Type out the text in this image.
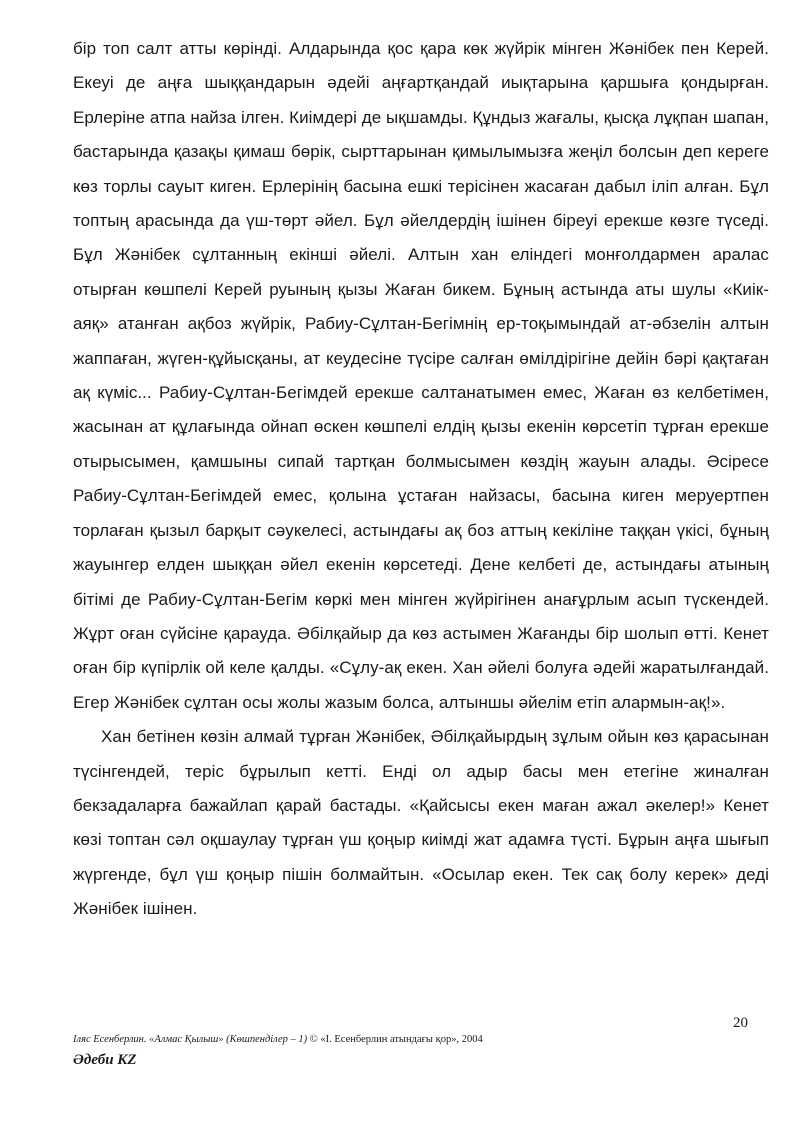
бір топ салт атты көрінді. Алдарында қос қара көк жүйрік мінген Жәнібек пен Керей. Екеуі де аңға шыққандарын әдейі аңғартқандай иықтарына қаршыға қондырған. Ерлеріне атпа найза ілген. Киімдері де ықшамды. Құндыз жағалы, қысқа лұқпан шапан, бастарында қазақы қимаш бөрік, сырттарынан қимылымызға жеңіл болсын деп кереге көз торлы сауыт киген. Ерлерінің басына ешкі терісінен жасаған дабыл іліп алған. Бұл топтың арасында да үш-төрт әйел. Бұл әйелдердің ішінен біреуі ерекше көзге түседі. Бұл Жәнібек сұлтанның екінші әйелі. Алтын хан еліндегі монғолдармен аралас отырған көшпелі Керей руының қызы Жаған бикем. Бұның астында аты шулы «Киік-аяқ» атанған ақбоз жүйрік, Рабиу-Сұлтан-Бегімнің ер-тоқымындай ат-әбзелін алтын жаппаған, жүген-құйысқаны, ат кеудесіне түсіре салған өмілдірігіне дейін бәрі қақтаған ақ күміс... Рабиу-Сұлтан-Бегімдей ерекше салтанатымен емес, Жаған өз келбетімен, жасынан ат құлағында ойнап өскен көшпелі елдің қызы екенін көрсетіп тұрған ерекше отырысымен, қамшыны сипай тартқан болмысымен көздің жауын алады. Әсіресе Рабиу-Сұлтан-Бегімдей емес, қолына ұстаған найзасы, басына киген меруертпен торлаған қызыл барқыт сәукелесі, астындағы ақ боз аттың кекіліне таққан үкісі, бұның жауынгер елден шыққан әйел екенін көрсетеді. Дене келбеті де, астындағы атының бітімі де Рабиу-Сұлтан-Бегім көркі мен мінген жүйрігінен анағұрлым асып түскендей. Жұрт оған сүйсіне қарауда. Әбілқайыр да көз астымен Жағанды бір шолып өтті. Кенет оған бір күпірлік ой келе қалды. «Сұлу-ақ екен. Хан әйелі болуға әдейі жаратылғандай. Егер Жәнібек сұлтан осы жолы жазым болса, алтыншы әйелім етіп алармын-ақ!».

Хан бетінен көзін алмай тұрған Жәнібек, Әбілқайырдың зұлым ойын көз қарасынан түсінгендей, теріс бұрылып кетті. Енді ол адыр басы мен етегіне жиналған бекзадаларға бажайлап қарай бастады. «Қайсысы екен маған ажал әкелер!» Кенет көзі топтан сәл оқшаулау тұрған үш қоңыр киімді жат адамға түсті. Бұрын аңға шығып жүргенде, бұл үш қоңыр пішін болмайтын. «Осылар екен. Тек сақ болу керек» деді Жәнібек ішінен.

20
Іляс Есенберлин. «Алмас Қылыш» (Көшпенділер – 1) © «І. Есенберлин атындағы қор», 2004
Әдеби KZ
